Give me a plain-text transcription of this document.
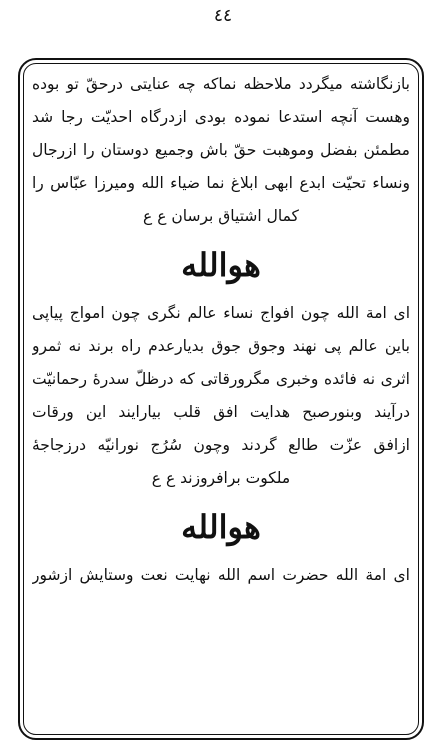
٤٤
بازنگاشته میگردد ملاحظه نماکه چه عنایتی درحقّ تو بوده
وهست آنچه استدعا نموده بودی ازدرگاه احدیّت رجا شد
مطمئن بفضل وموهبت حقّ باش وجمیع دوستان را ازرجال
ونساء تحیّت ابدع ابهی ابلاغ نما ضیاء الله ومیرزا عبّاس را
کمال اشتیاق برسان ع ع
هوالله
ای امة الله چون افواج نساء عالم نگری چون امواج پیاپی
باین عالم پی نهند وجوق جوق بدیارعدم راه برند نه ثمرو
اثری نه فائده وخبری مگرورقاتی که درظلّ سدرهٔ رحمانیّت
درآیند وبنورصبح هدایت افق قلب بیارایند این ورقات
ازافق عزّت طالع گردند وچون سُرُج نورانیّه درزجاجهٔ
ملکوت برافروزند ع ع
هوالله
ای امة الله حضرت اسم الله نهایت نعت وستایش ازشور
